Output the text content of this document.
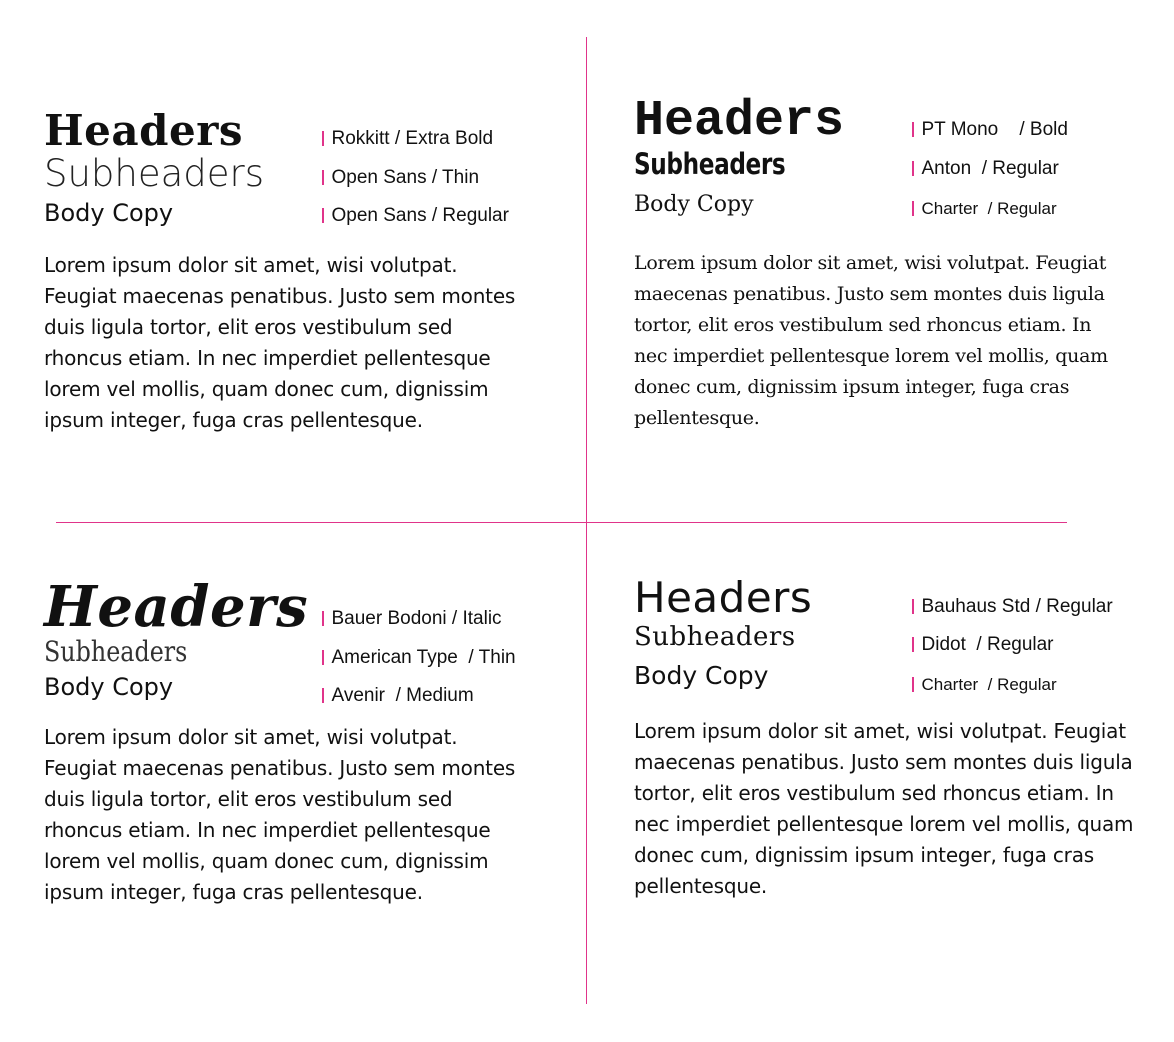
Headers
Subheaders
Body Copy

Lorem ipsum dolor sit amet, wisi volutpat. Feugiat maecenas penatibus. Justo sem montes duis ligula tortor, elit eros vestibulum sed rhoncus etiam. In nec imperdiet pellentesque lorem vel mollis, quam donec cum, dignissim ipsum integer, fuga cras pellentesque.

Rokkitt / Extra Bold
Open Sans / Thin
Open Sans / Regular
Headers
Subheaders
Body Copy

Lorem ipsum dolor sit amet, wisi volutpat. Feugiat maecenas penatibus. Justo sem montes duis ligula tortor, elit eros vestibulum sed rhoncus etiam. In nec imperdiet pellentesque lorem vel mollis, quam donec cum, dignissim ipsum integer, fuga cras pellentesque.

PT Mono    / Bold
Anton  / Regular
Charter  / Regular
Headers
Subheaders
Body Copy

Lorem ipsum dolor sit amet, wisi volutpat. Feugiat maecenas penatibus. Justo sem montes duis ligula tortor, elit eros vestibulum sed rhoncus etiam. In nec imperdiet pellentesque lorem vel mollis, quam donec cum, dignissim ipsum integer, fuga cras pellentesque.

Bauer Bodoni / Italic
American Type  / Thin
Avenir  / Medium
Headers
Subheaders
Body Copy

Lorem ipsum dolor sit amet, wisi volutpat. Feugiat maecenas penatibus. Justo sem montes duis ligula tortor, elit eros vestibulum sed rhoncus etiam. In nec imperdiet pellentesque lorem vel mollis, quam donec cum, dignissim ipsum integer, fuga cras pellentesque.

Bauhaus Std / Regular
Didot  / Regular
Charter  / Regular
